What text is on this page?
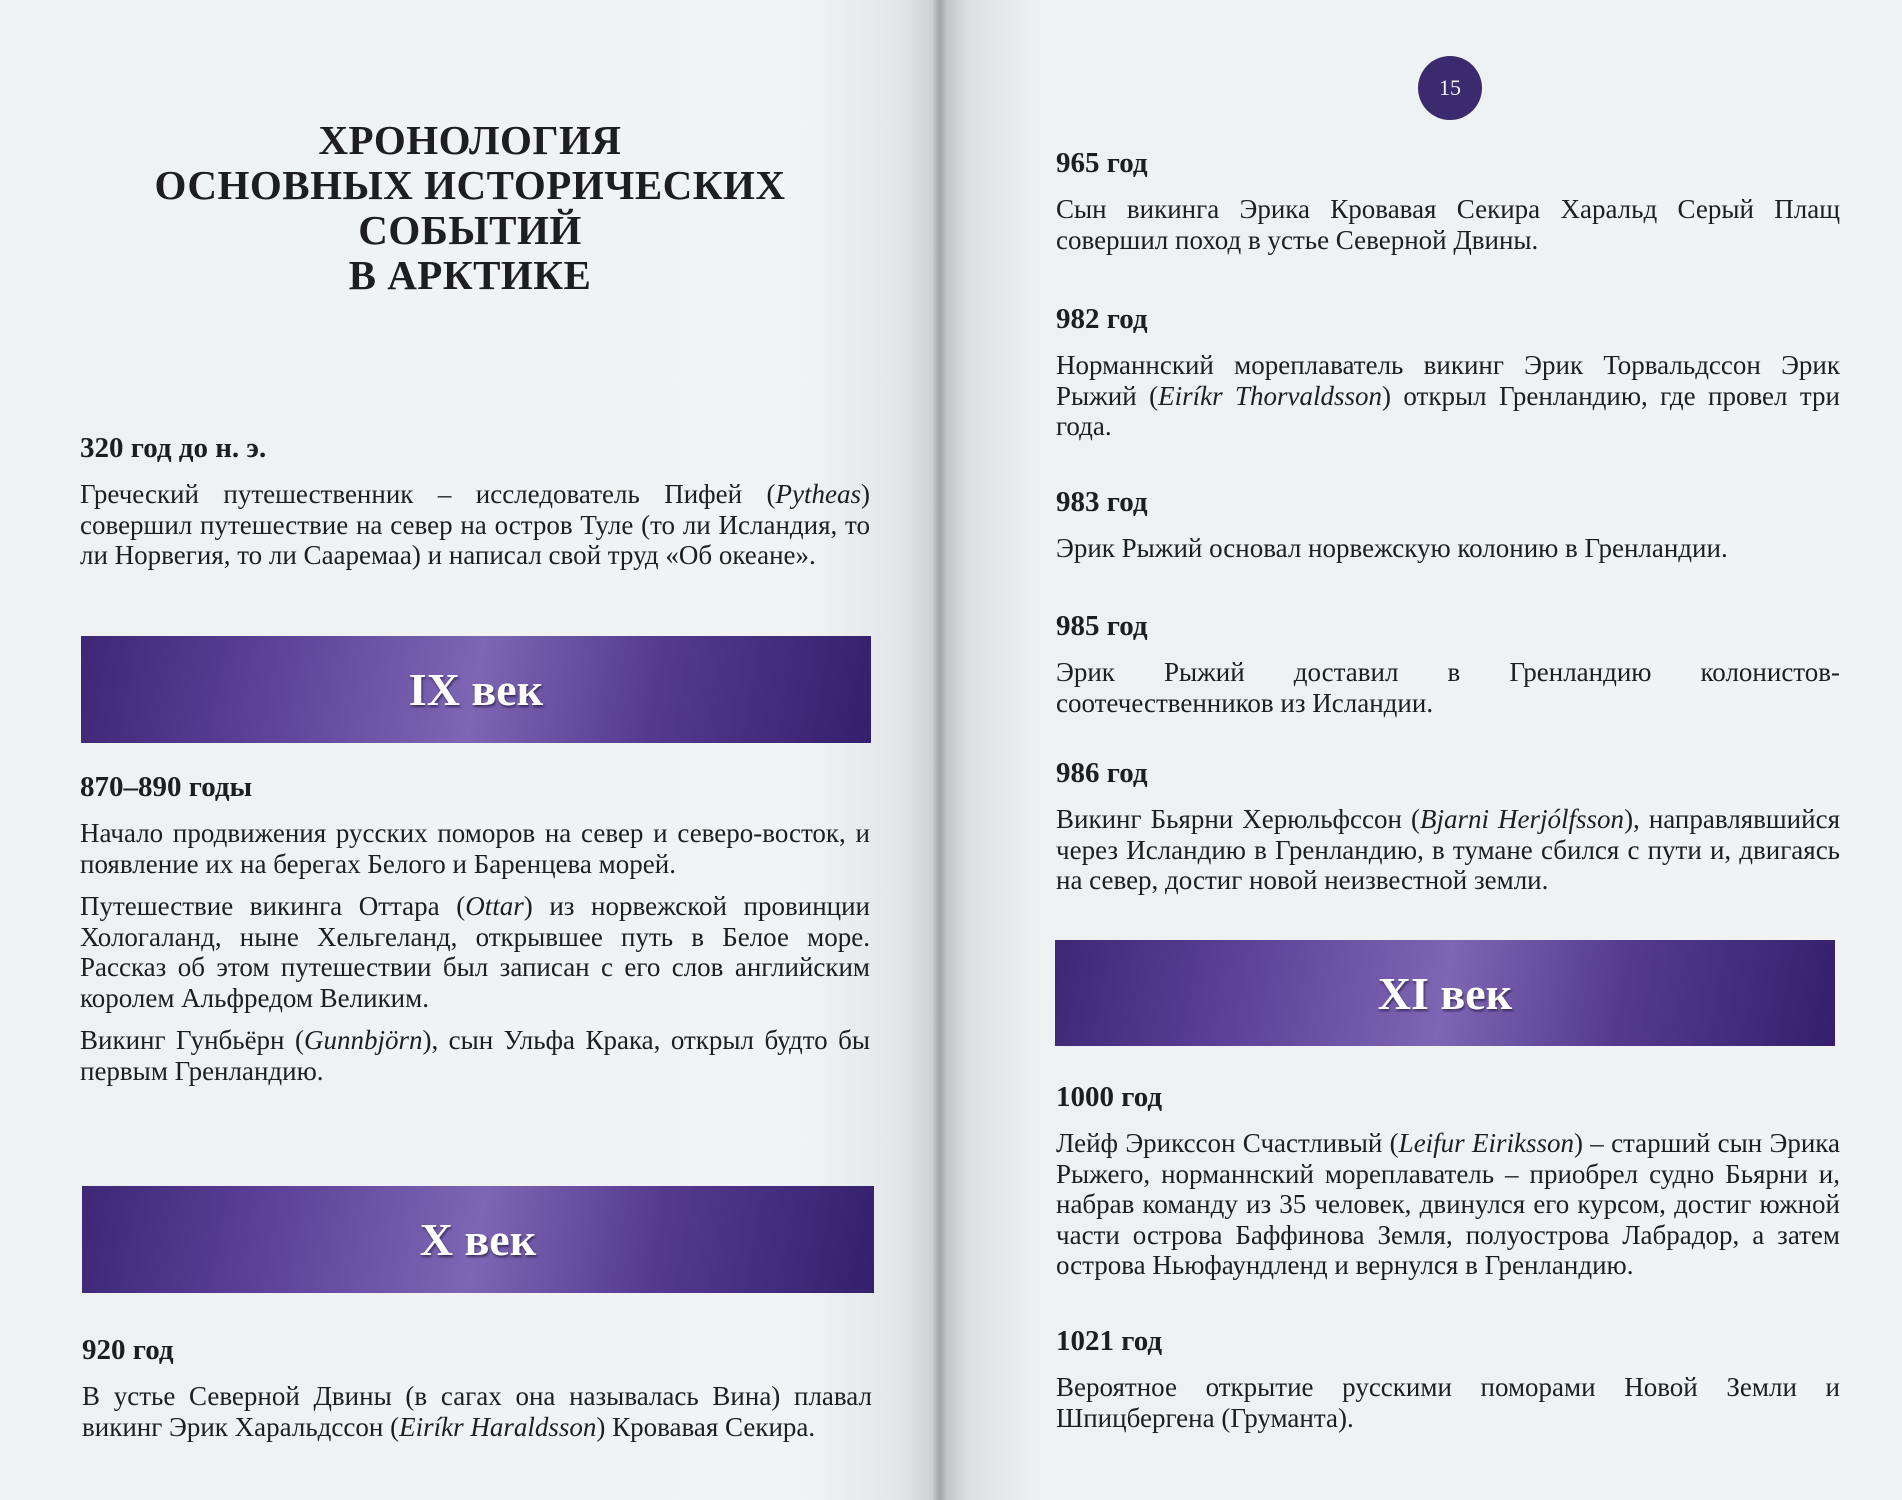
15
ХРОНОЛОГИЯ
ОСНОВНЫХ ИСТОРИЧЕСКИХ СОБЫТИЙ
В АРКТИКЕ
320 год до н. э.

Греческий путешественник – исследователь Пифей (Pytheas) совершил путешествие на север на остров Туле (то ли Исландия, то ли Норвегия, то ли Сааремаа) и написал свой труд «Об океане».

IX век
870–890 годы

Начало продвижения русских поморов на север и северо-восток, и появление их на берегах Белого и Баренцева морей.

Путешествие викинга Оттара (Ottar) из норвежской провинции Хологаланд, ныне Хельгеланд, открывшее путь в Белое море. Рассказ об этом путешествии был записан с его слов английским королем Альфредом Великим.

Викинг Гунбьёрн (Gunnbjörn), сын Ульфа Крака, открыл будто бы первым Гренландию.

X век
920 год

В устье Северной Двины (в сагах она называлась Вина) плавал викинг Эрик Харальдссон (Eiríkr Haraldsson) Кровавая Секира.

965 год

Сын викинга Эрика Кровавая Секира Харальд Серый Плащ совершил поход в устье Северной Двины.

982 год

Норманнский мореплаватель викинг Эрик Торвальдссон Эрик Рыжий (Eiríkr Thorvaldsson) открыл Гренландию, где провел три года.

983 год

Эрик Рыжий основал норвежскую колонию в Гренландии.

985 год

Эрик Рыжий доставил в Гренландию колонистов-соотечественников из Исландии.

986 год

Викинг Бьярни Херюльфссон (Bjarni Herjólfsson), направлявшийся через Исландию в Гренландию, в тумане сбился с пути и, двигаясь на север, достиг новой неизвестной земли.

XI век
1000 год

Лейф Эрикссон Счастливый (Leifur Eiriksson) – старший сын Эрика Рыжего, норманнский мореплаватель – приобрел судно Бьярни и, набрав команду из 35 человек, двинулся его курсом, достиг южной части острова Баффинова Земля, полуострова Лабрадор, а затем острова Ньюфаундленд и вернулся в Гренландию.

1021 год

Вероятное открытие русскими поморами Новой Земли и Шпицбергена (Груманта).
